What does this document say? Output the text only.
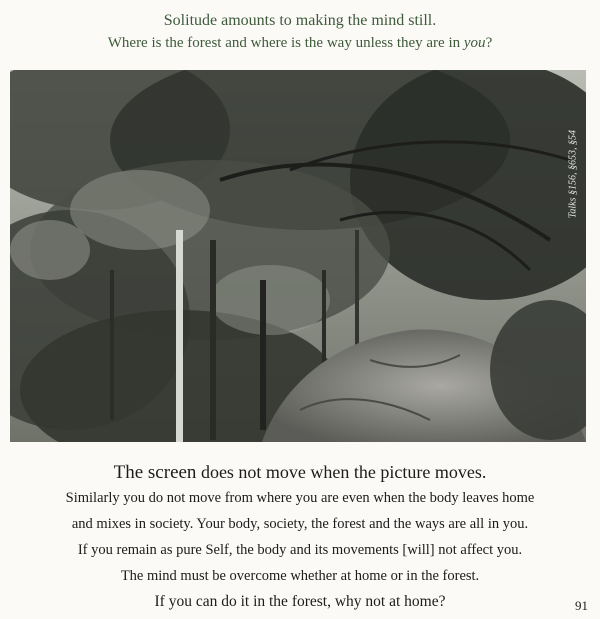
Solitude amounts to making the mind still.
Where is the forest and where is the way unless they are in you?
Talks §156, §653, §54
The screen does not move when the picture moves.
Similarly you do not move from where you are even when the body leaves home
and mixes in society. Your body, society, the forest and the ways are all in you.
If you remain as pure Self, the body and its movements [will] not affect you.
The mind must be overcome whether at home or in the forest.
If you can do it in the forest, why not at home?	91
